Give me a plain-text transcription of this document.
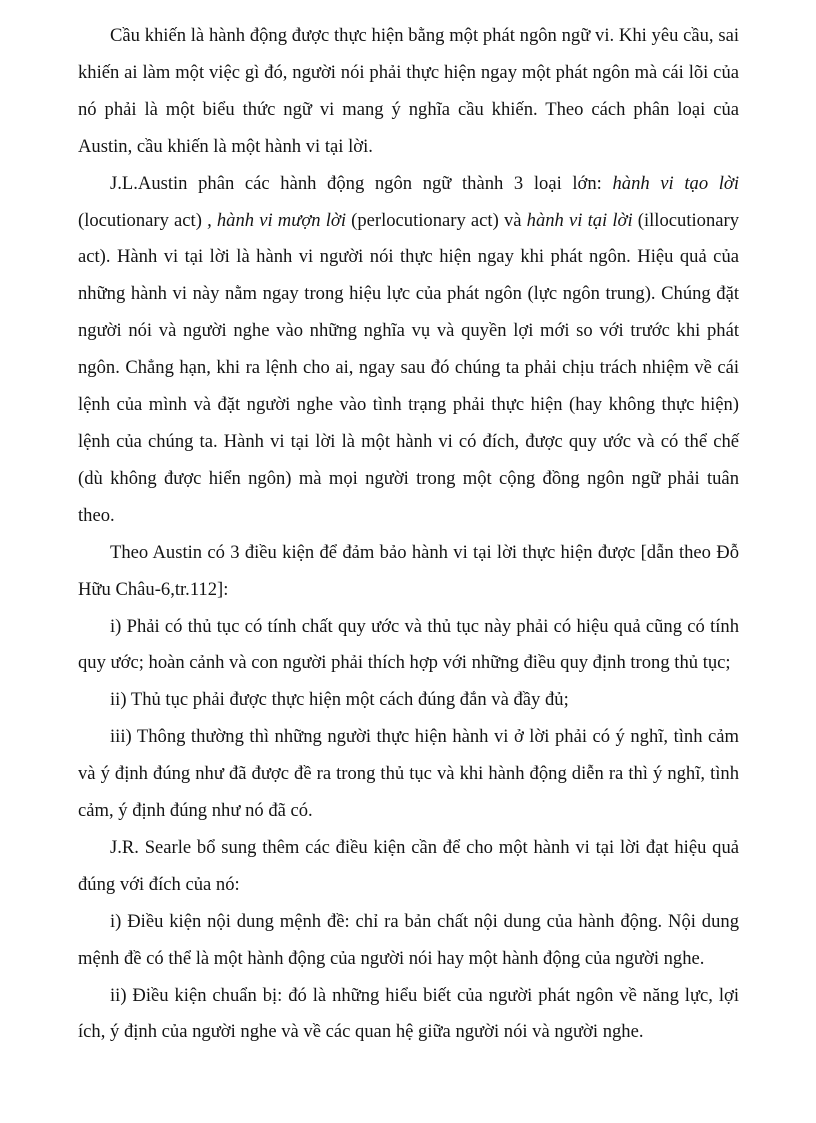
Cầu khiến là hành động được thực hiện bằng một phát ngôn ngữ vi. Khi yêu cầu, sai khiến ai làm một việc gì đó, người nói phải thực hiện ngay một phát ngôn mà cái lõi của nó phải là một biểu thức ngữ vi mang ý nghĩa cầu khiến. Theo cách phân loại của Austin, cầu khiến là một hành vi tại lời.

J.L.Austin phân các hành động ngôn ngữ thành 3 loại lớn: hành vi tạo lời (locutionary act) , hành vi mượn lời (perlocutionary act) và hành vi tại lời (illocutionary act). Hành vi tại lời là hành vi người nói thực hiện ngay khi phát ngôn. Hiệu quả của những hành vi này nằm ngay trong hiệu lực của phát ngôn (lực ngôn trung). Chúng đặt người nói và người nghe vào những nghĩa vụ và quyền lợi mới so với trước khi phát ngôn. Chẳng hạn, khi ra lệnh cho ai, ngay sau đó chúng ta phải chịu trách nhiệm về cái lệnh của mình và đặt người nghe vào tình trạng phải thực hiện (hay không thực hiện) lệnh của chúng ta. Hành vi tại lời là một hành vi có đích, được quy ước và có thể chế (dù không được hiển ngôn) mà mọi người trong một cộng đồng ngôn ngữ phải tuân theo.

Theo Austin có 3 điều kiện để đảm bảo hành vi tại lời thực hiện được [dẫn theo Đỗ Hữu Châu-6,tr.112]:

i) Phải có thủ tục có tính chất quy ước và thủ tục này phải có hiệu quả cũng có tính quy ước; hoàn cảnh và con người phải thích hợp với những điều quy định trong thủ tục;

ii) Thủ tục phải được thực hiện một cách đúng đắn và đầy đủ;

iii) Thông thường thì những người thực hiện hành vi ở lời phải có ý nghĩ, tình cảm và ý định đúng như đã được đề ra trong thủ tục và khi hành động diễn ra thì ý nghĩ, tình cảm, ý định đúng như nó đã có.

J.R. Searle bổ sung thêm các điều kiện cần để cho một hành vi tại lời đạt hiệu quả đúng với đích của nó:

i) Điều kiện nội dung mệnh đề: chỉ ra bản chất nội dung của hành động. Nội dung mệnh đề có thể là một hành động của người nói hay một hành động của người nghe.

ii) Điều kiện chuẩn bị: đó là những hiểu biết của người phát ngôn về năng lực, lợi ích, ý định của người nghe và về các quan hệ giữa người nói và người nghe.
